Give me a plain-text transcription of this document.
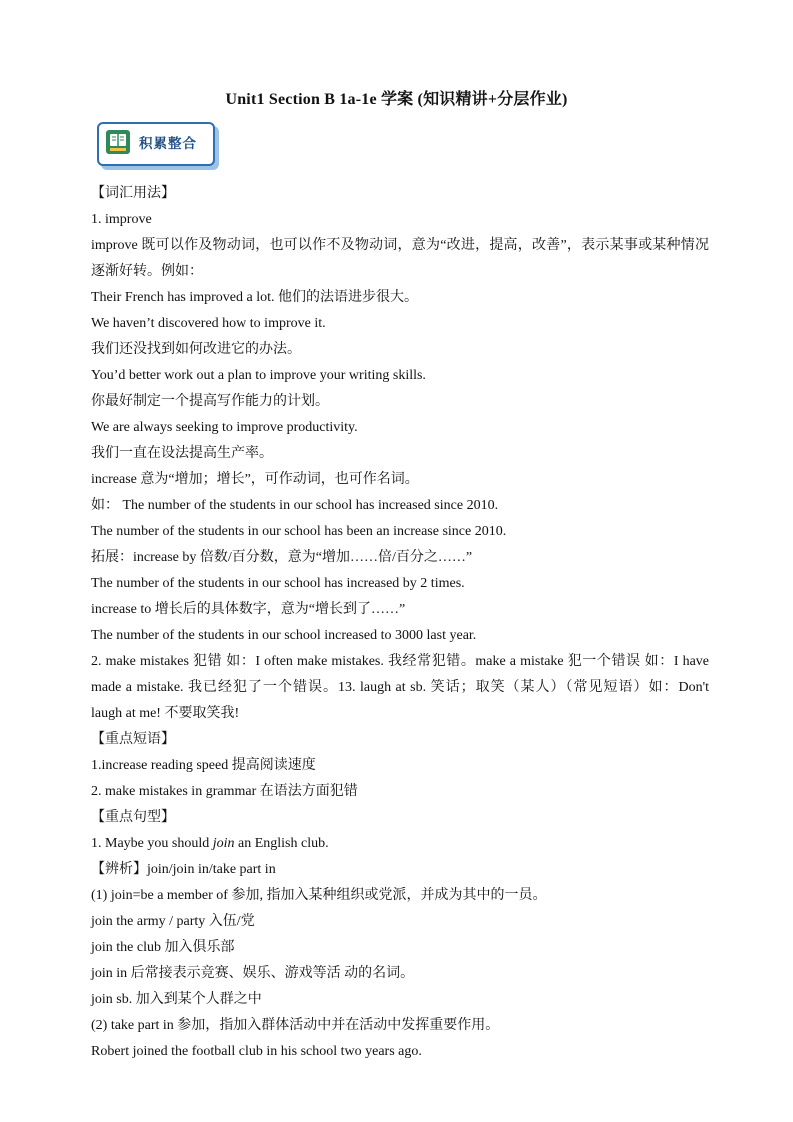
Unit1 Section B 1a-1e 学案 (知识精讲+分层作业)
积累整合

【词汇用法】

1. improve

improve 既可以作及物动词，也可以作不及物动词，意为“改进，提高，改善”，表示某事或某种情况逐渐好转。例如：

Their French has improved a lot. 他们的法语进步很大。

We haven’t discovered how to improve it.

我们还没找到如何改进它的办法。

You’d better work out a plan to improve your writing skills.

你最好制定一个提高写作能力的计划。

We are always seeking to improve productivity.

我们一直在设法提高生产率。

increase 意为“增加；增长”，可作动词，也可作名词。

如： The number of the students in our school has increased since 2010.

The number of the students in our school has been an increase since 2010.

拓展：increase by 倍数/百分数，意为“增加……倍/百分之……”

The number of the students in our school has increased by 2 times.

increase to 增长后的具体数字，意为“增长到了……”

The number of the students in our school increased to 3000 last year.

2. make mistakes 犯错 如：I often make mistakes. 我经常犯错。make a mistake 犯一个错误 如：I have made a mistake. 我已经犯了一个错误。13. laugh at sb. 笑话；取笑（某人）（常见短语）如：Don't laugh at me! 不要取笑我!

【重点短语】

1.increase reading speed 提高阅读速度

2. make mistakes in grammar 在语法方面犯错

【重点句型】

1. Maybe you should join an English club.

【辨析】join/join in/take part in

(1) join=be a member of 参加, 指加入某种组织或党派，并成为其中的一员。

join the army / party 入伍/党

join the club 加入俱乐部

join in 后常接表示竞赛、娱乐、游戏等活 动的名词。

join sb. 加入到某个人群之中

(2) take part in 参加，指加入群体活动中并在活动中发挥重要作用。

Robert joined the football club in his school two years ago.
